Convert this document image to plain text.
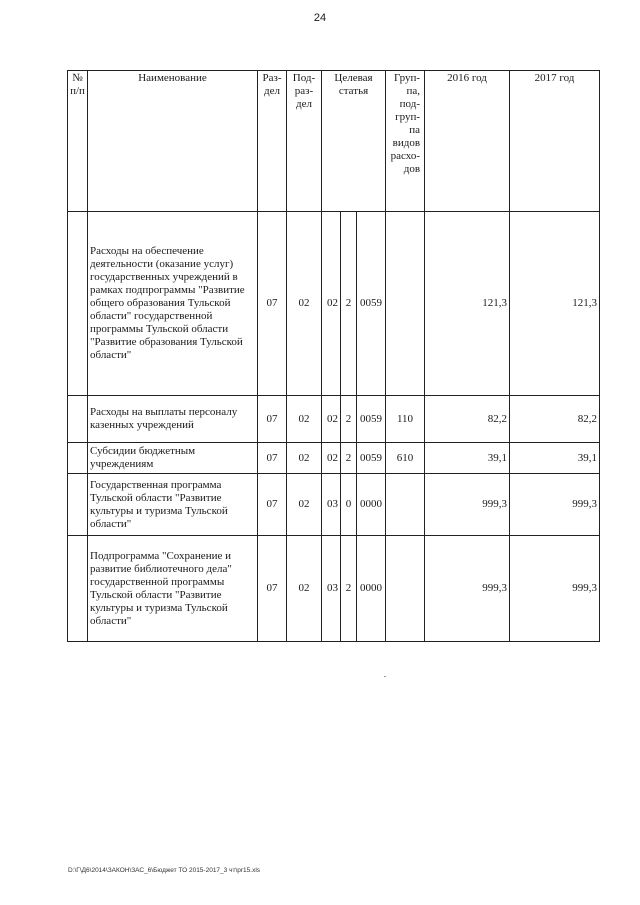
24
№ п/п	Наименование	Раз-дел	Под-раз-дел	Целевая статья			Груп-па, под-груп-па видов расхо-дов	2016 год	2017 год
	Расходы на обеспечение деятельности (оказание услуг) государственных учреждений в рамках подпрограммы "Развитие общего образования Тульской области" государственной программы Тульской области "Развитие образования Тульской области"	07	02	02	2	0059		121,3	121,3
	Расходы на выплаты персоналу казенных учреждений	07	02	02	2	0059	110	82,2	82,2
	Субсидии бюджетным учреждениям	07	02	02	2	0059	610	39,1	39,1
	Государственная программа Тульской области "Развитие культуры и туризма Тульской области"	07	02	03	0	0000		999,3	999,3
	Подпрограмма "Сохранение и развитие библиотечного дела" государственной программы Тульской области "Развитие культуры и туризма Тульской области"	07	02	03	2	0000		999,3	999,3
D:\Г\Д6\2014\ЗАКОН\ЗАС_6\Бюджет ТО 2015-2017_3 чт\pr15.xls
